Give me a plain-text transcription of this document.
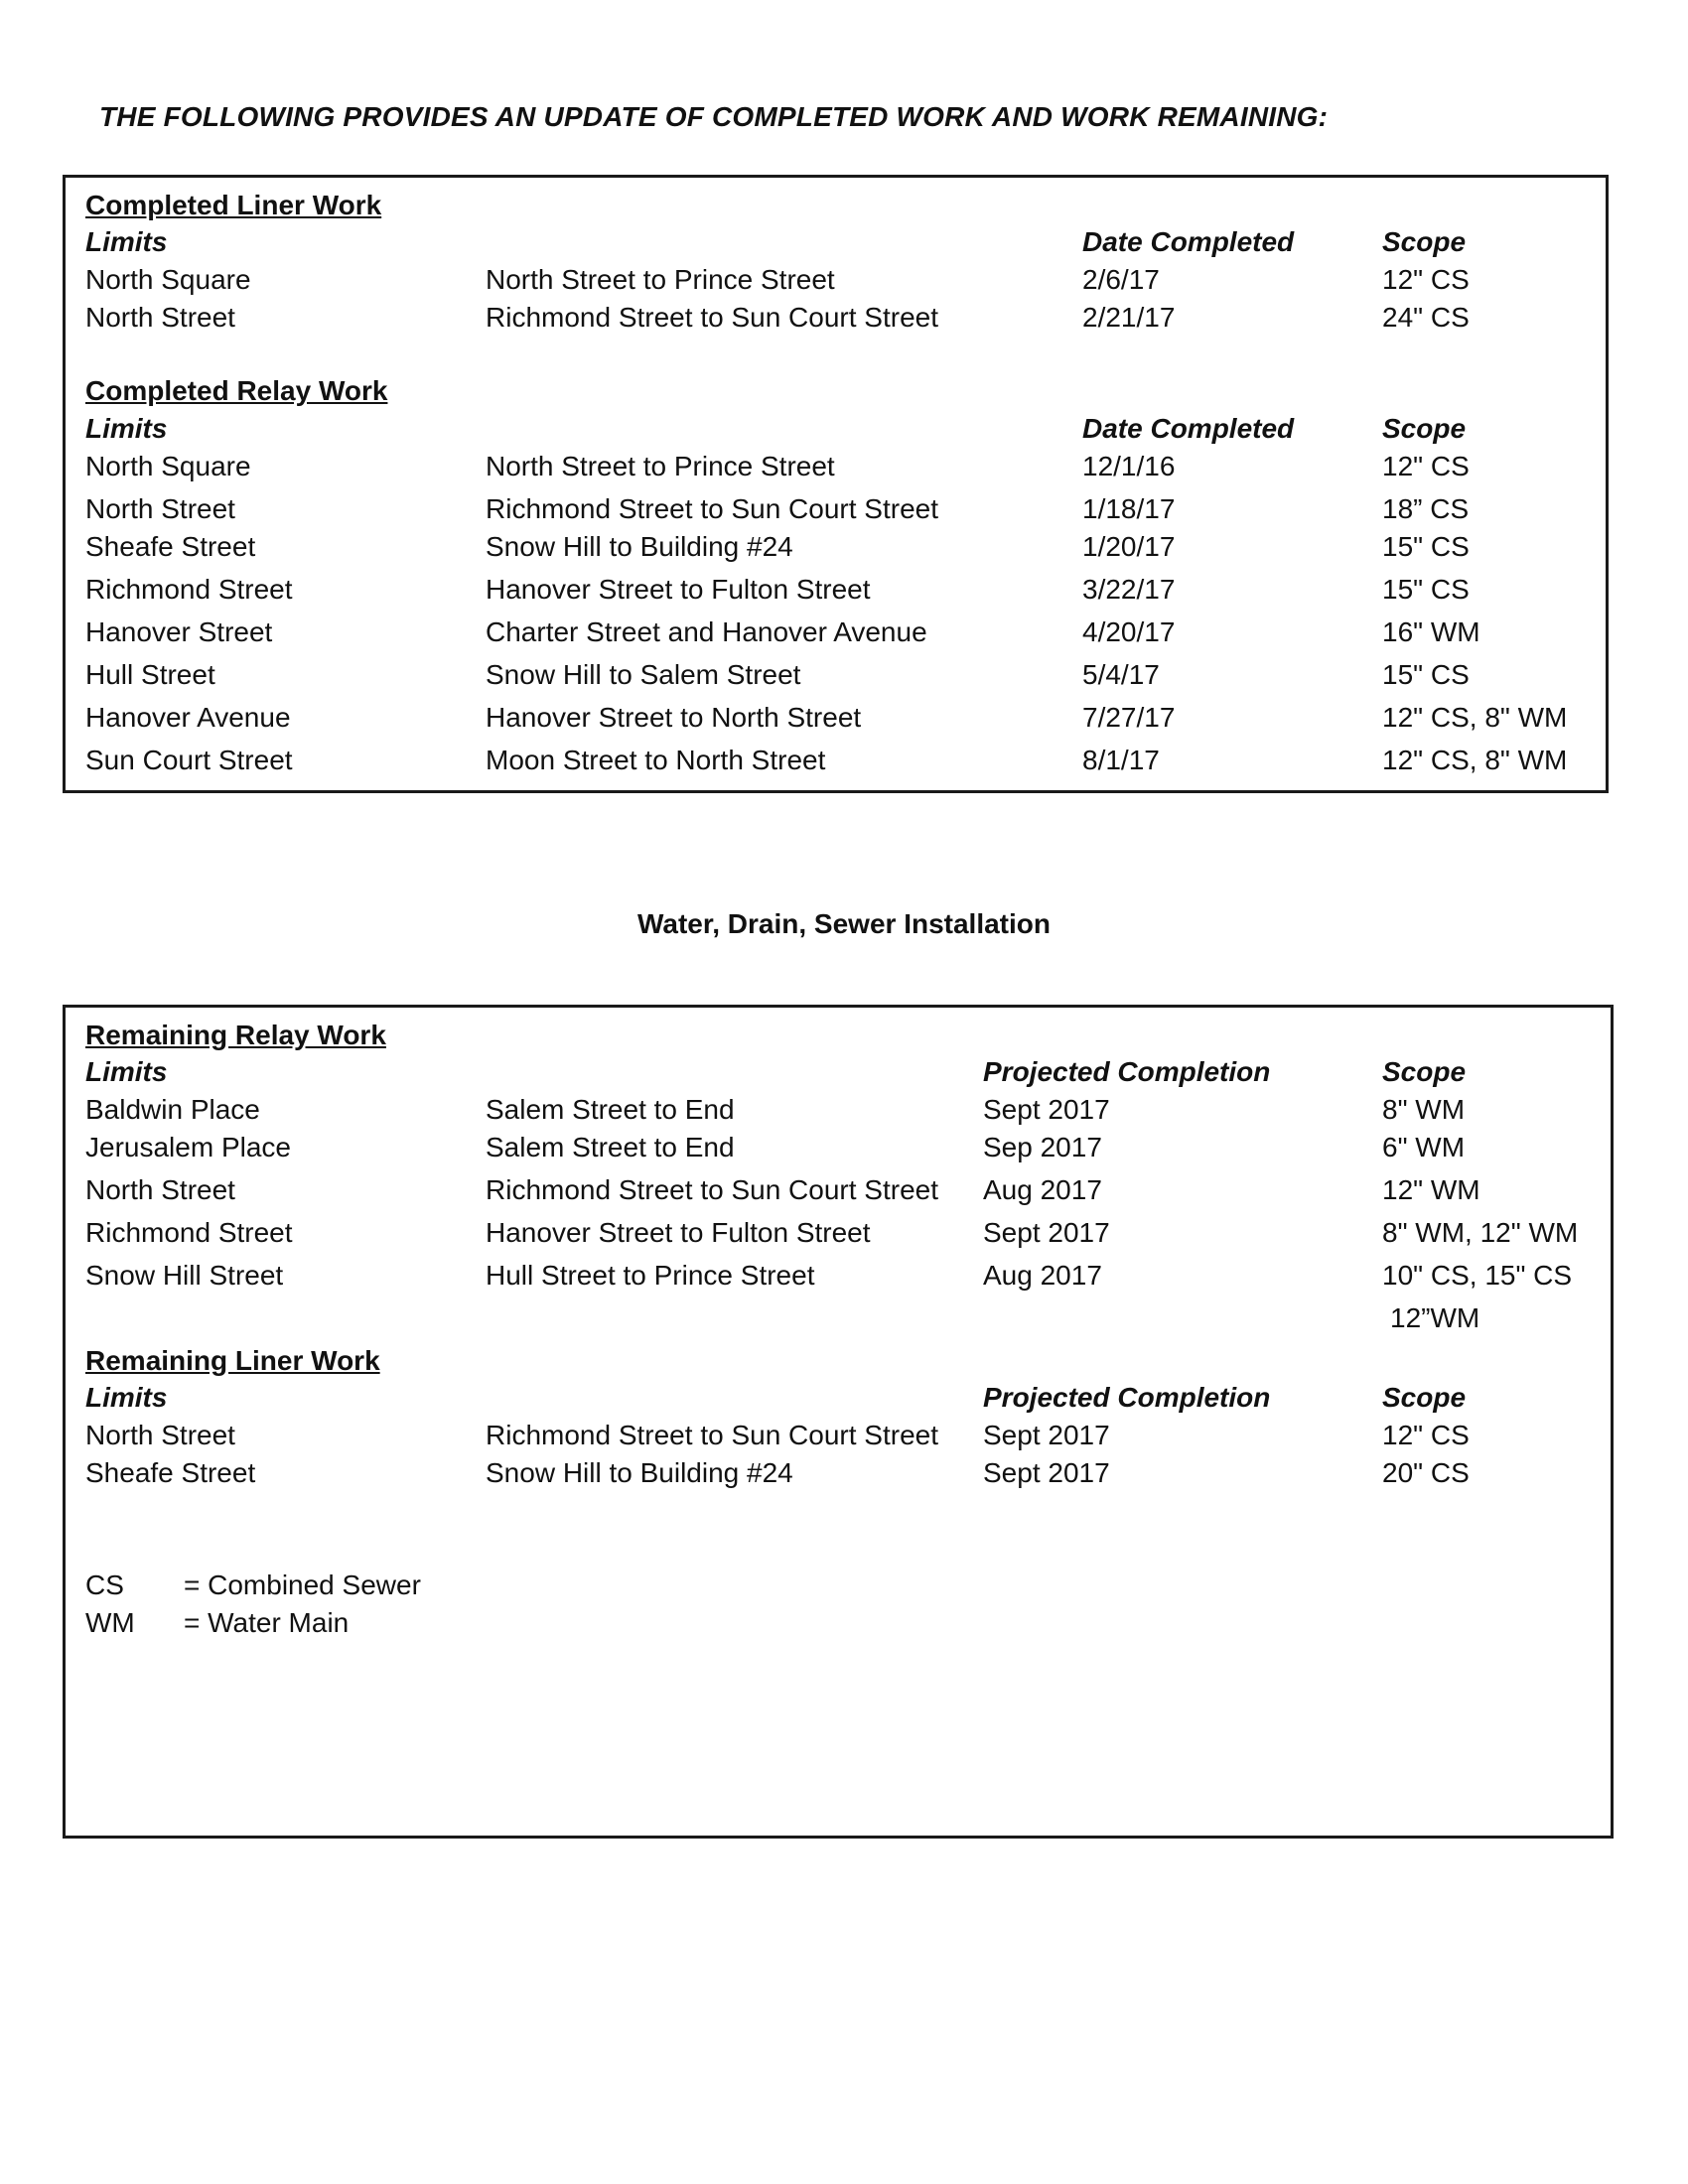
THE FOLLOWING PROVIDES AN UPDATE OF COMPLETED WORK AND WORK REMAINING:
Completed Liner Work
Limits	Date Completed	Scope
North Square	North Street to Prince Street	2/6/17	12" CS
North Street	Richmond Street to Sun Court Street	2/21/17	24" CS
Completed Relay Work
Limits	Date Completed	Scope
North Square	North Street to Prince Street	12/1/16	12" CS
North Street	Richmond Street to Sun Court Street	1/18/17	18” CS
Sheafe Street	Snow Hill to Building #24	1/20/17	15" CS
Richmond Street	Hanover Street to Fulton Street	3/22/17	15" CS
Hanover Street	Charter Street and Hanover Avenue	4/20/17	16" WM
Hull Street	Snow Hill to Salem Street	5/4/17	15" CS
Hanover Avenue	Hanover Street to North Street	7/27/17	12" CS, 8" WM
Sun Court Street	Moon Street to North Street	8/1/17	12" CS, 8" WM
Water, Drain, Sewer Installation
Remaining Relay Work
Limits	Projected Completion	Scope
Baldwin Place	Salem Street to End	Sept 2017	8" WM
Jerusalem Place	Salem Street to End	Sep 2017	6" WM
North Street	Richmond Street to Sun Court Street Aug 2017	12" WM
Richmond Street	Hanover Street to Fulton Street	Sept 2017	8" WM, 12" WM
Snow Hill Street	Hull Street to Prince Street	Aug 2017	10" CS, 15" CS
12”WM
Remaining Liner Work
Limits	Projected Completion	Scope
North Street	Richmond Street to Sun Court Street Sept 2017	12" CS
Sheafe Street	Snow Hill to Building #24	Sept 2017	20" CS
CS = Combined Sewer
WM = Water Main
